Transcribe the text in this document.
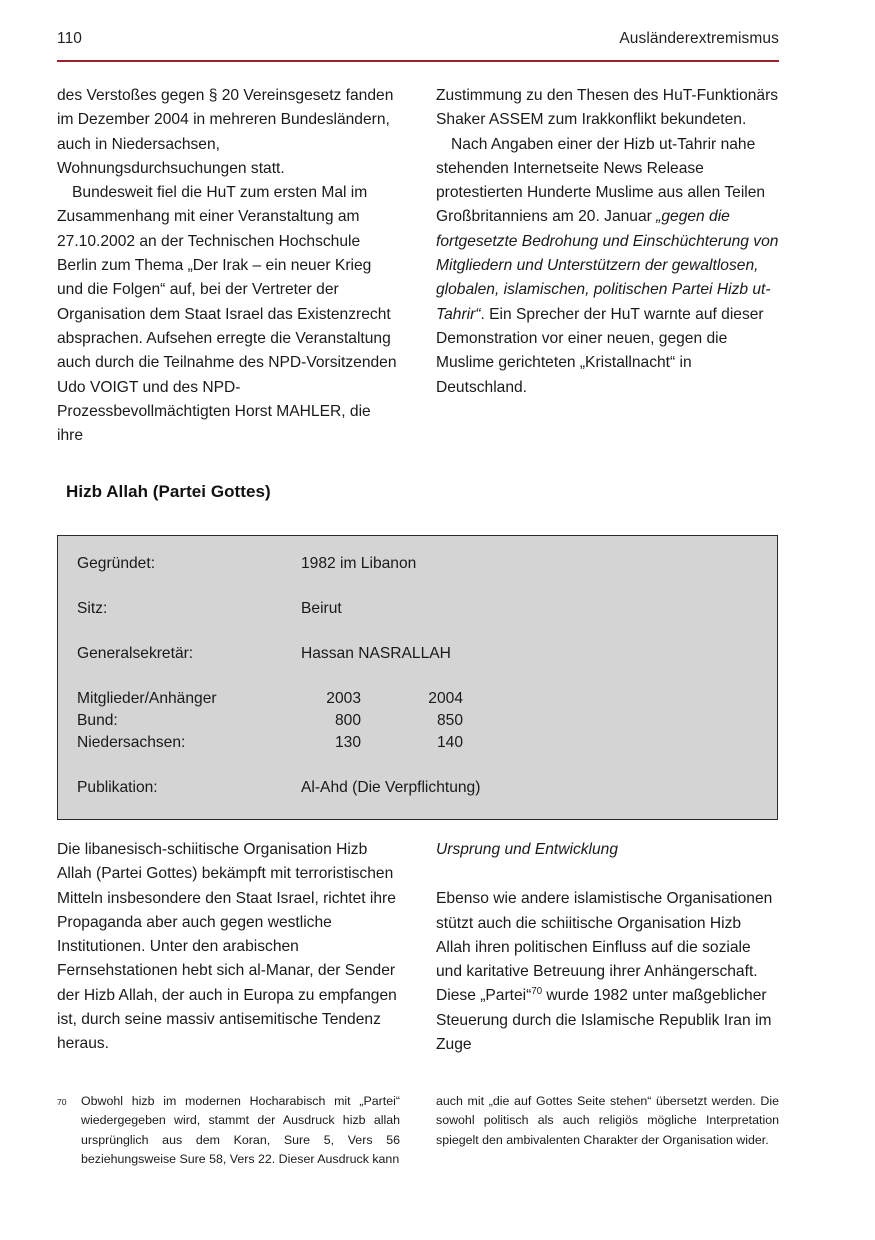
110	Ausländerextremismus

des Verstoßes gegen § 20 Vereinsgesetz fanden im Dezember 2004 in mehreren Bundesländern, auch in Niedersachsen, Wohnungsdurchsuchungen statt.

Bundesweit fiel die HuT zum ersten Mal im Zusammenhang mit einer Veranstaltung am 27.10.2002 an der Technischen Hochschule Berlin zum Thema „Der Irak – ein neuer Krieg und die Folgen“ auf, bei der Vertreter der Organisation dem Staat Israel das Existenzrecht absprachen. Aufsehen erregte die Veranstaltung auch durch die Teilnahme des NPD-Vorsitzenden Udo VOIGT und des NPD-Prozessbevollmächtigten Horst MAHLER, die ihre

Zustimmung zu den Thesen des HuT-Funktionärs Shaker ASSEM zum Irakkonflikt bekundeten.

Nach Angaben einer der Hizb ut-Tahrir nahe stehenden Internetseite News Release protestierten Hunderte Muslime aus allen Teilen Großbritanniens am 20. Januar „gegen die fortgesetzte Bedrohung und Einschüchterung von Mitgliedern und Unterstützern der gewaltlosen, globalen, islamischen, politischen Partei Hizb ut-Tahrir“. Ein Sprecher der HuT warnte auf dieser Demonstration vor einer neuen, gegen die Muslime gerichteten „Kristallnacht“ in Deutschland.

Hizb Allah (Partei Gottes)
Gegründet:	1982 im Libanon
Sitz:	Beirut
Generalsekretär:	Hassan NASRALLAH
Mitglieder/Anhänger	2003	2004
Bund:	800	850
Niedersachsen:	130	140
Publikation:	Al-Ahd (Die Verpflichtung)

Die libanesisch-schiitische Organisation Hizb Allah (Partei Gottes) bekämpft mit terroristischen Mitteln insbesondere den Staat Israel, richtet ihre Propaganda aber auch gegen westliche Institutionen. Unter den arabischen Fernsehstationen hebt sich al-Manar, der Sender der Hizb Allah, der auch in Europa zu empfangen ist, durch seine massiv antisemitische Tendenz heraus.

Ursprung und Entwicklung

Ebenso wie andere islamistische Organisationen stützt auch die schiitische Organisation Hizb Allah ihren politischen Einfluss auf die soziale und karitative Betreuung ihrer Anhängerschaft. Diese „Partei“$^{70}$ wurde 1982 unter maßgeblicher Steuerung durch die Islamische Republik Iran im Zuge

70 Obwohl hizb im modernen Hocharabisch mit „Partei“ wiedergegeben wird, stammt der Ausdruck hizb allah ursprünglich aus dem Koran, Sure 5, Vers 56 beziehungsweise Sure 58, Vers 22. Dieser Ausdruck kann
auch mit „die auf Gottes Seite stehen“ übersetzt werden. Die sowohl politisch als auch religiös mögliche Interpretation spiegelt den ambivalenten Charakter der Organisation wider.
